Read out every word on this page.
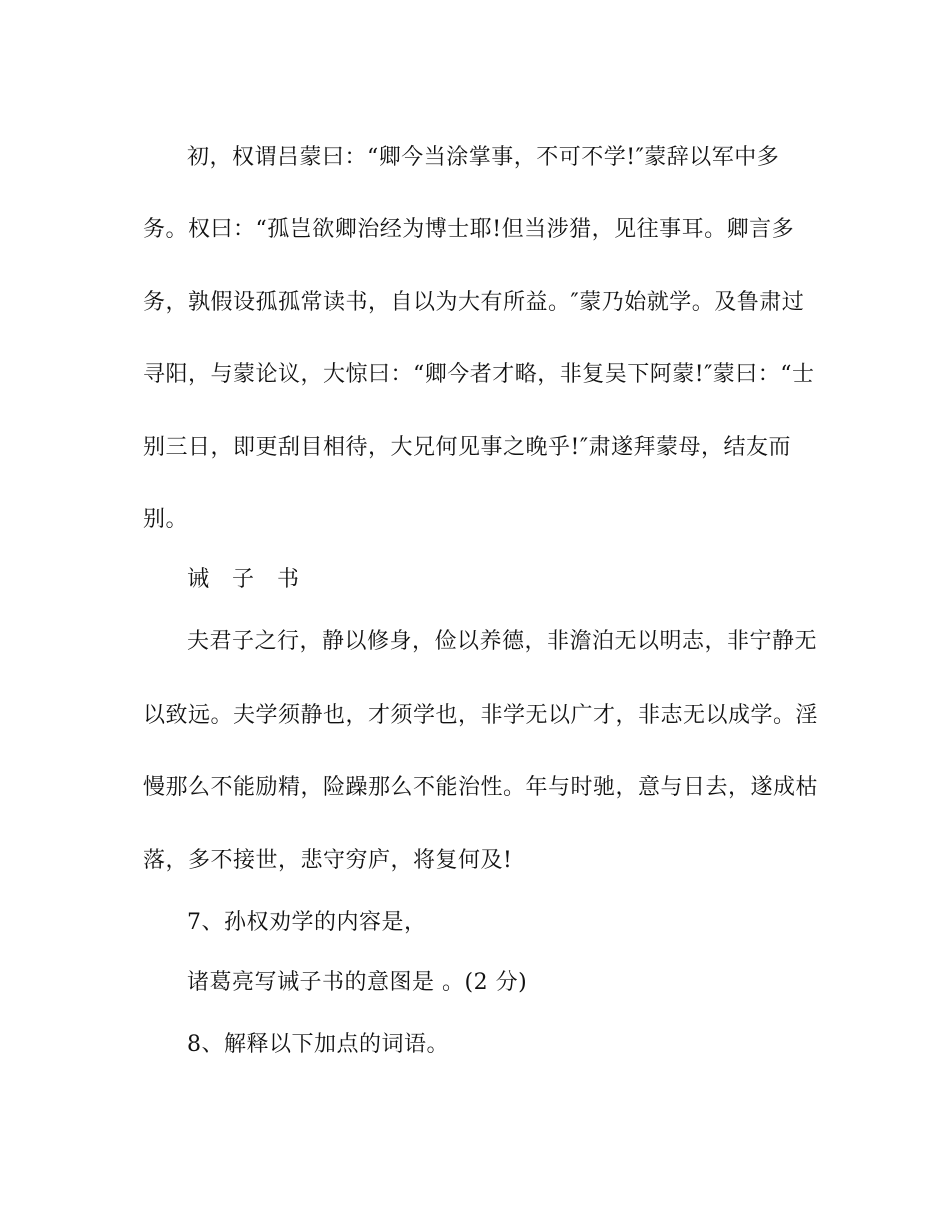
初，权谓吕蒙曰：“卿今当涂掌事，不可不学!″蒙辞以军中多
务。权曰：“孤岂欲卿治经为博士耶!但当涉猎，见往事耳。卿言多
务，孰假设孤孤常读书，自以为大有所益。″蒙乃始就学。及鲁肃过
寻阳，与蒙论议，大惊曰：“卿今者才略，非复吴下阿蒙!″蒙曰：“士
别三日，即更刮目相待，大兄何见事之晚乎!″肃遂拜蒙母，结友而
别。
诫 子 书
夫君子之行，静以修身，俭以养德，非澹泊无以明志，非宁静无
以致远。夫学须静也，才须学也，非学无以广才，非志无以成学。淫
慢那么不能励精，险躁那么不能治性。年与时驰，意与日去，遂成枯
落，多不接世，悲守穷庐，将复何及!
7、孙权劝学的内容是，
诸葛亮写诫子书的意图是 。(2 分)
8、解释以下加点的词语。
